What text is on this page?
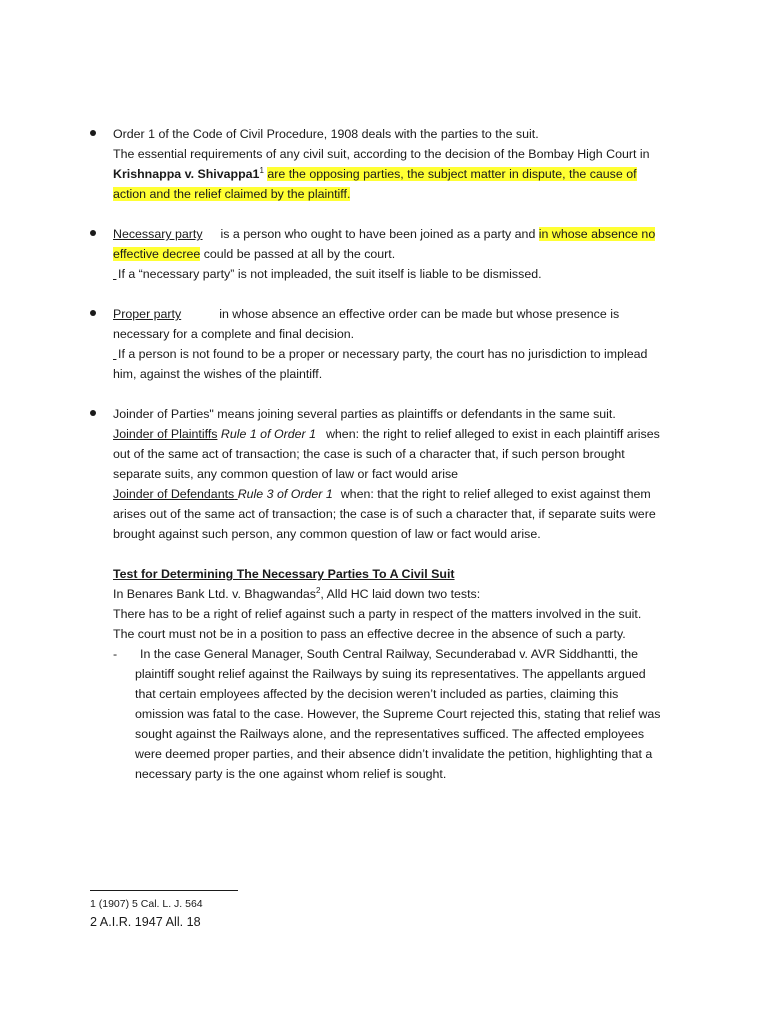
Order 1 of the Code of Civil Procedure, 1908 deals with the parties to the suit.
The essential requirements of any civil suit, according to the decision of the Bombay High Court in
Krishnappa v. $Shivappa1^1$ are the opposing parties, the subject matter in dispute, the cause of
action and the relief claimed by the plaintiff.
Necessary party is a person who ought to have been joined as a party and in whose absence no
effective decree could be passed at all by the court.
If a “necessary party” is not impleaded, the suit itself is liable to be dismissed.
Proper party	in whose absence an effective order can be made but whose presence is
necessary for a complete and final decision.
If a person is not found to be a proper or necessary party, the court has no jurisdiction to implead
him, against the wishes of the plaintiff.
Joinder of Parties" means joining several parties as plaintiffs or defendants in the same suit.
Joinder of Plaintiffs Rule 1 of Order 1 when: the right to relief alleged to exist in each plaintiff arises
out of the same act of transaction; the case is such of a character that, if such person brought
separate suits, any common question of law or fact would arise
Joinder of Defendants Rule 3 of Order 1 when: that the right to relief alleged to exist against them
arises out of the same act of transaction; the case is of such a character that, if separate suits were
brought against such person, any common question of law or fact would arise.
Test for Determining The Necessary Parties To A Civil Suit
In Benares Bank Ltd. v. Bhagwandas$^2$, Alld HC laid down two tests:
There has to be a right of relief against such a party in respect of the matters involved in the suit.
The court must not be in a position to pass an effective decree in the absence of such a party.
-	In the case General Manager, South Central Railway, Secunderabad v. AVR Siddhantti, the
plaintiff sought relief against the Railways by suing its representatives. The appellants argued
that certain employees affected by the decision weren’t included as parties, claiming this
omission was fatal to the case. However, the Supreme Court rejected this, stating that relief was
sought against the Railways alone, and the representatives sufficed. The affected employees
were deemed proper parties, and their absence didn’t invalidate the petition, highlighting that a
necessary party is the one against whom relief is sought.
1 (1907) 5 Cal. L. J. 564
2 A.I.R. 1947 All. 18
